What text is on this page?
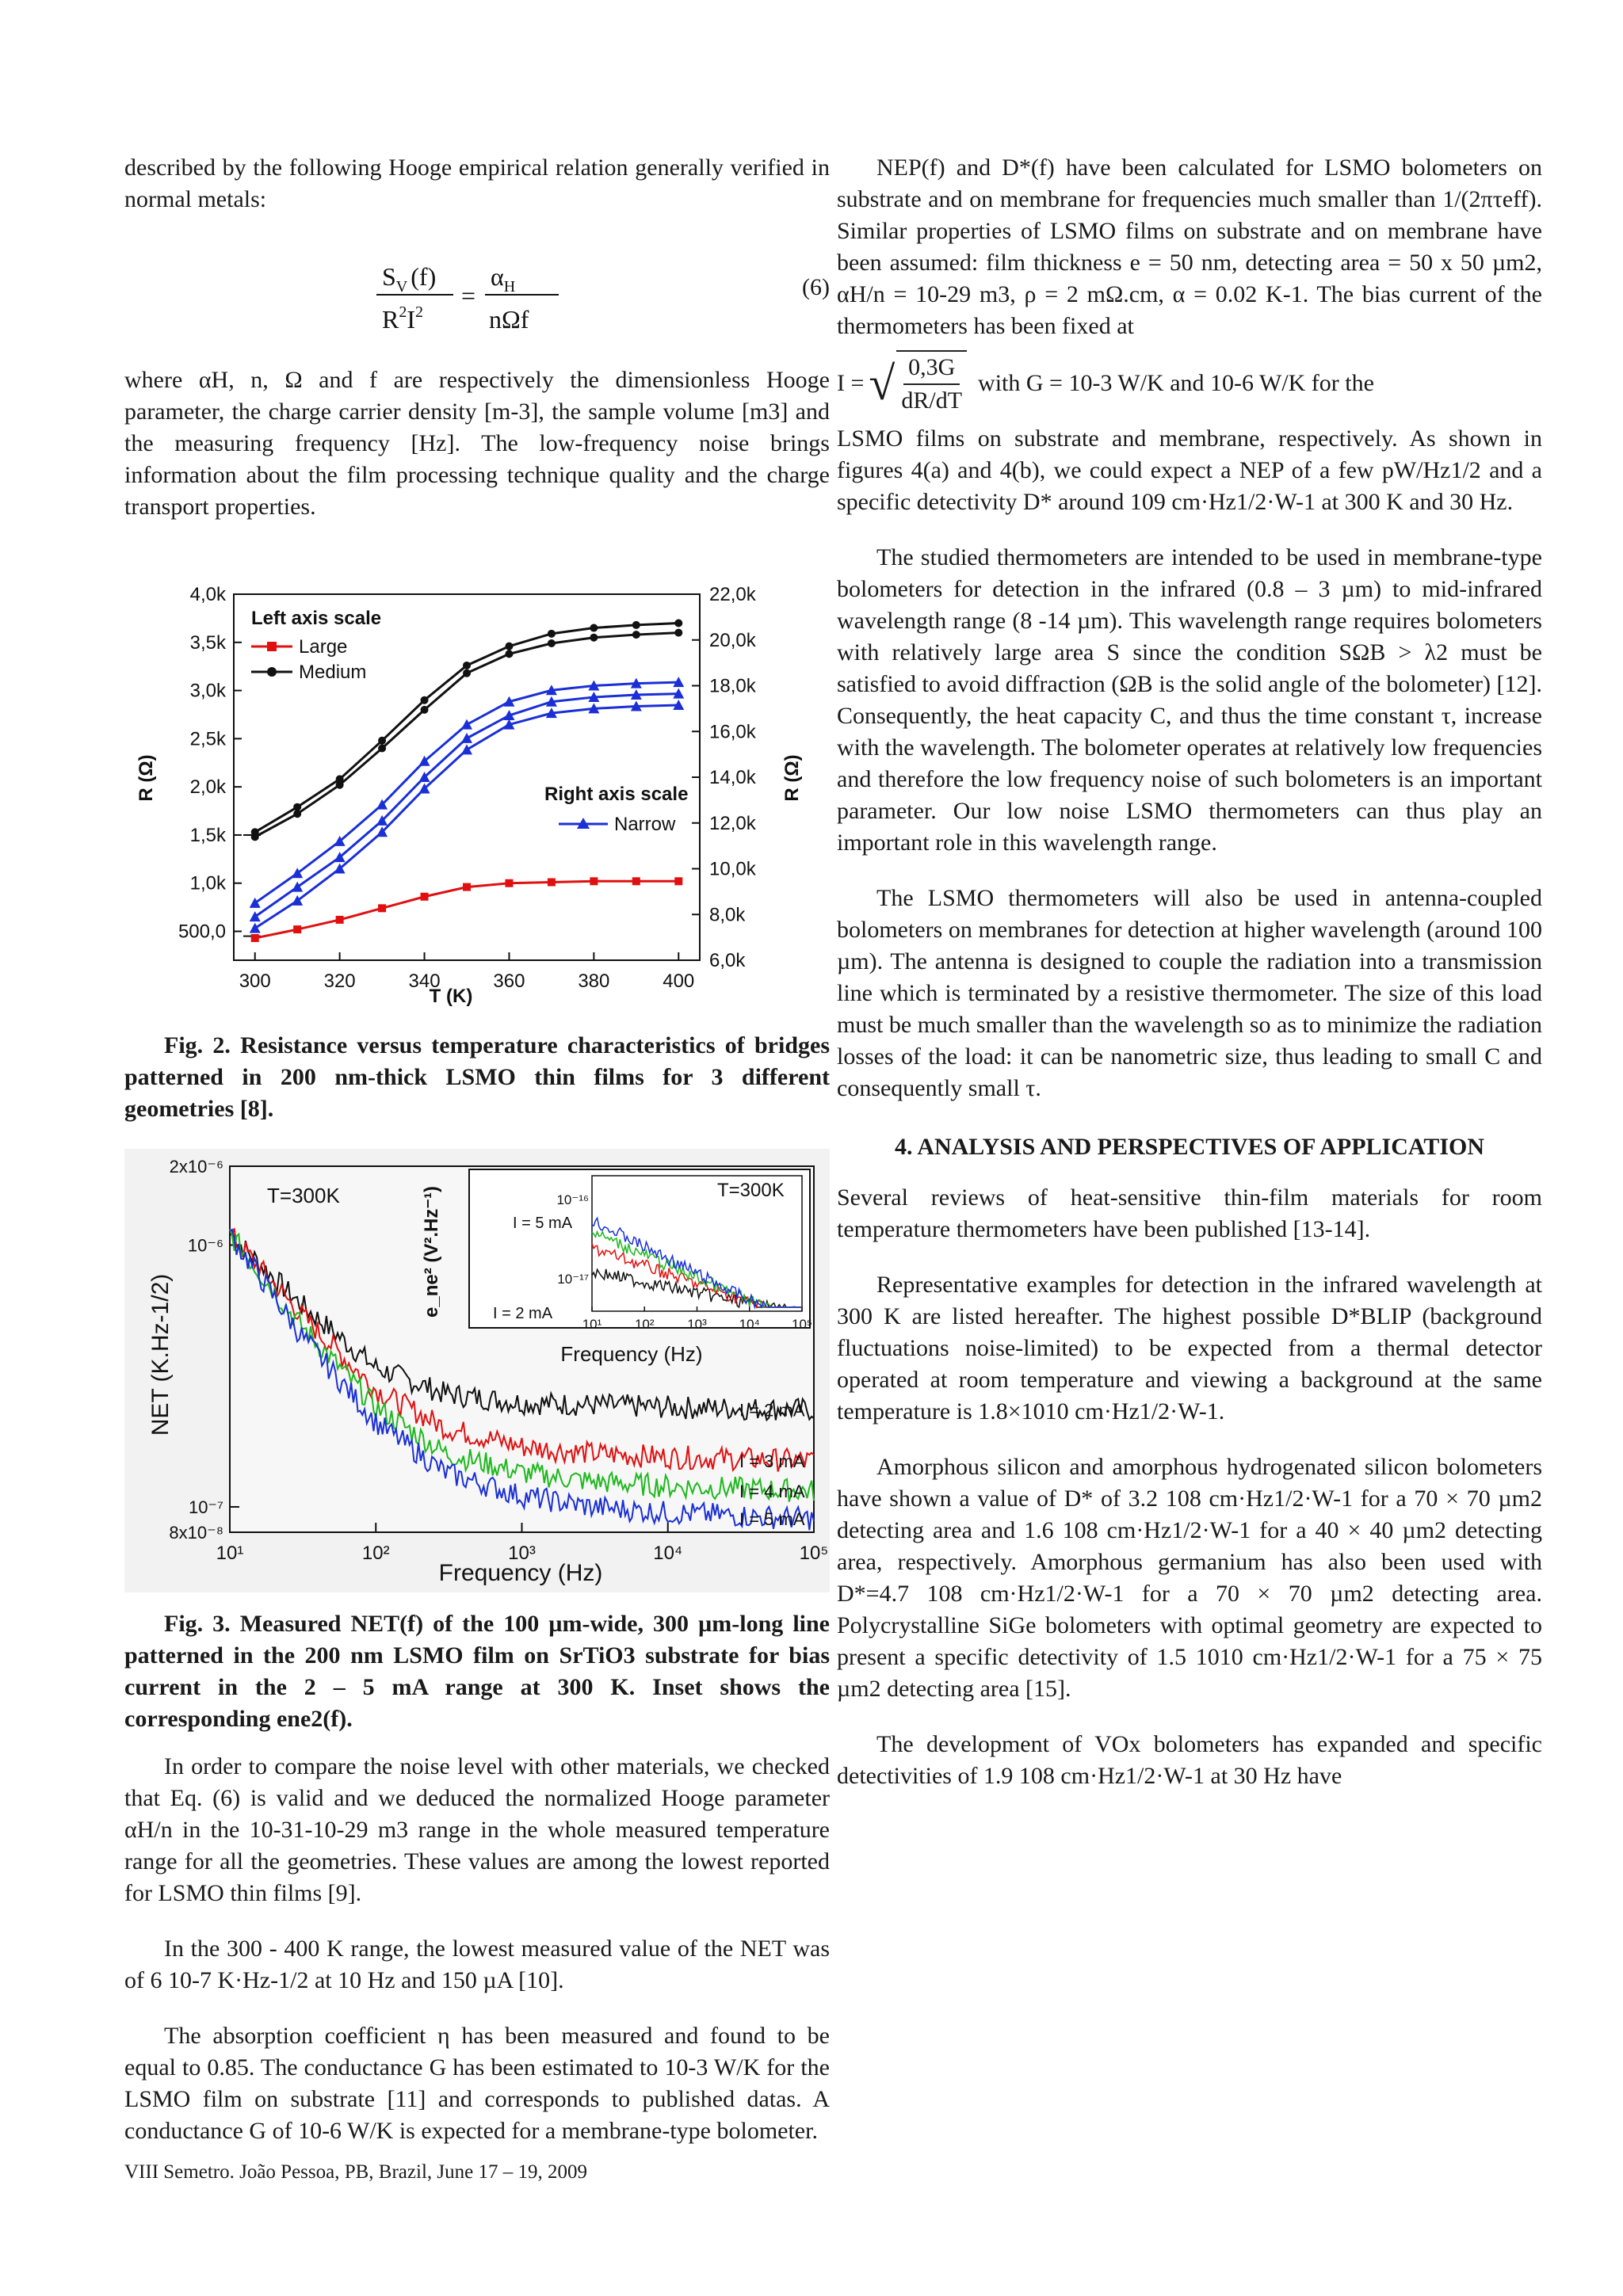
described by the following Hooge empirical relation generally verified in normal metals:

$S_V$ (f)
$R^2I^2$
=
$\alpha_H$
nΩf
(6)

where αH, n, Ω and f are respectively the dimensionless Hooge parameter, the charge carrier density [m-3], the sample volume [m3] and the measuring frequency [Hz]. The low-frequency noise brings information about the film processing technique quality and the charge transport properties.

300	320	340	360	380	400
500,0
1,0k
1,5k
2,0k
2,5k
3,0k
3,5k
4,0k
6,0k
8,0k
10,0k
12,0k
14,0k
16,0k
18,0k
20,0k
22,0k
Left axis scale
Large
Medium
Right axis scale
Narrow
T (K)
R (Ω)	R (Ω)

Fig. 2. Resistance versus temperature characteristics of bridges patterned in 200 nm-thick LSMO thin films for 3 different geometries [8].

10¹	10²	10³	10⁴	10⁵
8x10⁻⁸
10⁻⁷
10⁻⁶
2x10⁻⁶
T=300K
Frequency (Hz)
NET (K.Hz-1/2)	I = 2 mA
I = 3 mA
I = 4 mA
I = 5 mA
10¹ 10² 10³ 10⁴ 10⁵
10⁻¹⁶
10⁻¹⁷
T=300K
Frequency (Hz)
e_ne² (V².Hz⁻¹)	I = 5 mA
I = 2 mA

Fig. 3. Measured NET(f) of the 100 µm-wide, 300 µm-long line patterned in the 200 nm LSMO film on SrTiO3 substrate for bias current in the 2 – 5 mA range at 300 K. Inset shows the corresponding ene2(f).

In order to compare the noise level with other materials, we checked that Eq. (6) is valid and we deduced the normalized Hooge parameter αH/n in the 10-31-10-29 m3 range in the whole measured temperature range for all the geometries. These values are among the lowest reported for LSMO thin films [9].

In the 300 - 400 K range, the lowest measured value of the NET was of 6 10-7 K·Hz-1/2 at 10 Hz and 150 µA [10].

The absorption coefficient η has been measured and found to be equal to 0.85. The conductance G has been estimated to 10-3 W/K for the LSMO film on substrate [11] and corresponds to published datas. A conductance G of 10-6 W/K is expected for a membrane-type bolometer.

NEP(f) and D*(f) have been calculated for LSMO bolometers on substrate and on membrane for frequencies much smaller than 1/(2πτeff). Similar properties of LSMO films on substrate and on membrane have been assumed: film thickness e = 50 nm, detecting area = 50 x 50 µm2, αH/n = 10-29 m3, ρ = 2 mΩ.cm, α = 0.02 K-1. The bias current of the thermometers has been fixed at

I = √ 0,3G
dR/dT
with G = 10-3 W/K and 10-6 W/K for the

LSMO films on substrate and membrane, respectively. As shown in figures 4(a) and 4(b), we could expect a NEP of a few pW/Hz1/2 and a specific detectivity D* around 109 cm·Hz1/2·W-1 at 300 K and 30 Hz.

The studied thermometers are intended to be used in membrane-type bolometers for detection in the infrared (0.8 – 3 µm) to mid-infrared wavelength range (8 -14 µm). This wavelength range requires bolometers with relatively large area S since the condition SΩB > λ2 must be satisfied to avoid diffraction (ΩB is the solid angle of the bolometer) [12]. Consequently, the heat capacity C, and thus the time constant τ, increase with the wavelength. The bolometer operates at relatively low frequencies and therefore the low frequency noise of such bolometers is an important parameter. Our low noise LSMO thermometers can thus play an important role in this wavelength range.

The LSMO thermometers will also be used in antenna-coupled bolometers on membranes for detection at higher wavelength (around 100 µm). The antenna is designed to couple the radiation into a transmission line which is terminated by a resistive thermometer. The size of this load must be much smaller than the wavelength so as to minimize the radiation losses of the load: it can be nanometric size, thus leading to small C and consequently small τ.

4. ANALYSIS AND PERSPECTIVES OF APPLICATION

Several reviews of heat-sensitive thin-film materials for room temperature thermometers have been published [13-14].

Representative examples for detection in the infrared wavelength at 300 K are listed hereafter. The highest possible D*BLIP (background fluctuations noise-limited) to be expected from a thermal detector operated at room temperature and viewing a background at the same temperature is 1.8×1010 cm·Hz1/2·W-1.

Amorphous silicon and amorphous hydrogenated silicon bolometers have shown a value of D* of 3.2 108 cm·Hz1/2·W-1 for a 70 × 70 µm2 detecting area and 1.6 108 cm·Hz1/2·W-1 for a 40 × 40 µm2 detecting area, respectively. Amorphous germanium has also been used with D*=4.7 108 cm·Hz1/2·W-1 for a 70 × 70 µm2 detecting area. Polycrystalline SiGe bolometers with optimal geometry are expected to present a specific detectivity of 1.5 1010 cm·Hz1/2·W-1 for a 75 × 75 µm2 detecting area [15].

The development of VOx bolometers has expanded and specific detectivities of 1.9 108 cm·Hz1/2·W-1 at 30 Hz have

VIII Semetro. João Pessoa, PB, Brazil, June 17 – 19, 2009
